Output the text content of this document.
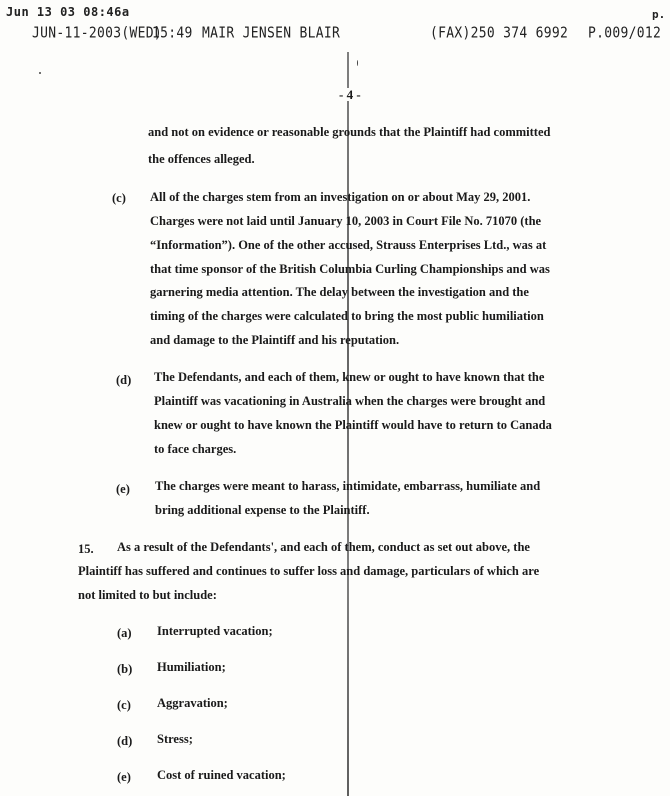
Jun 13 03 08:46a	p.
JUN-11-2003(WED)
15:49 MAIR JENSEN BLAIR	(FAX)250 374 6992 P.009/012
- 4 -
and not on evidence or reasonable grounds that the Plaintiff had committed
the offences alleged.
(c) All of the charges stem from an investigation on or about May 29, 2001.
Charges were not laid until January 10, 2003 in Court File No. 71070 (the
“Information”). One of the other accused, Strauss Enterprises Ltd., was at
that time sponsor of the British Columbia Curling Championships and was
garnering media attention. The delay between the investigation and the
timing of the charges were calculated to bring the most public humiliation
and damage to the Plaintiff and his reputation.
(d) The Defendants, and each of them, knew or ought to have known that the
Plaintiff was vacationing in Australia when the charges were brought and
knew or ought to have known the Plaintiff would have to return to Canada
to face charges.
(e) The charges were meant to harass, intimidate, embarrass, humiliate and
bring additional expense to the Plaintiff.
15. As a result of the Defendants', and each of them, conduct as set out above, the
Plaintiff has suffered and continues to suffer loss and damage, particulars of which are
not limited to but include:
(a) Interrupted vacation;
(b) Humiliation;
(c) Aggravation;
(d) Stress;
(e) Cost of ruined vacation;
